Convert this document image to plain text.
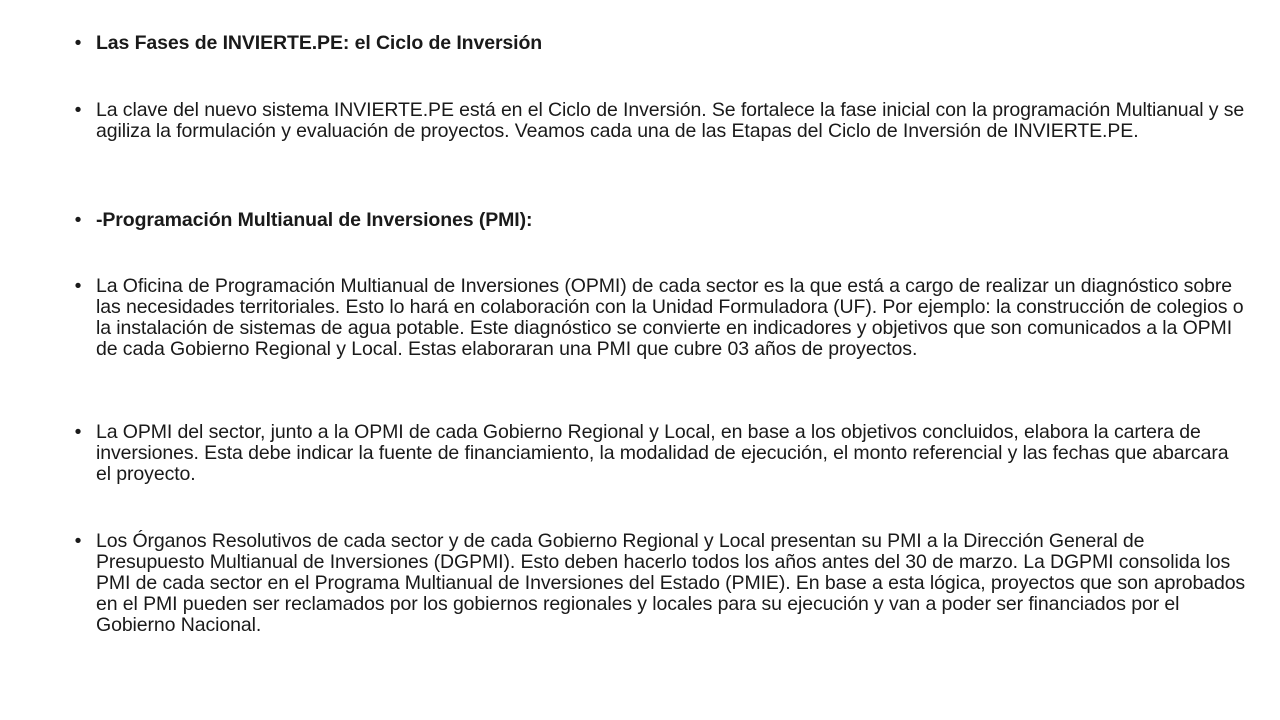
• Las Fases de INVIERTE.PE: el Ciclo de Inversión
• La clave del nuevo sistema INVIERTE.PE está en el Ciclo de Inversión. Se fortalece la fase inicial con la programación Multianual y se agiliza la formulación y evaluación de proyectos. Veamos cada una de las Etapas del Ciclo de Inversión de INVIERTE.PE.
• -Programación Multianual de Inversiones (PMI):
• La Oficina de Programación Multianual de Inversiones (OPMI) de cada sector es la que está a cargo de realizar un diagnóstico sobre las necesidades territoriales. Esto lo hará en colaboración con la Unidad Formuladora (UF). Por ejemplo: la construcción de colegios o la instalación de sistemas de agua potable. Este diagnóstico se convierte en indicadores y objetivos que son comunicados a la OPMI de cada Gobierno Regional y Local. Estas elaboraran una PMI que cubre 03 años de proyectos.
• La OPMI del sector, junto a la OPMI de cada Gobierno Regional y Local, en base a los objetivos concluidos, elabora la cartera de inversiones. Esta debe indicar la fuente de financiamiento, la modalidad de ejecución, el monto referencial y las fechas que abarcara el proyecto.
• Los Órganos Resolutivos de cada sector y de cada Gobierno Regional y Local presentan su PMI a la Dirección General de Presupuesto Multianual de Inversiones (DGPMI). Esto deben hacerlo todos los años antes del 30 de marzo. La DGPMI consolida los PMI de cada sector en el Programa Multianual de Inversiones del Estado (PMIE). En base a esta lógica, proyectos que son aprobados en el PMI pueden ser reclamados por los gobiernos regionales y locales para su ejecución y van a poder ser financiados por el Gobierno Nacional.
